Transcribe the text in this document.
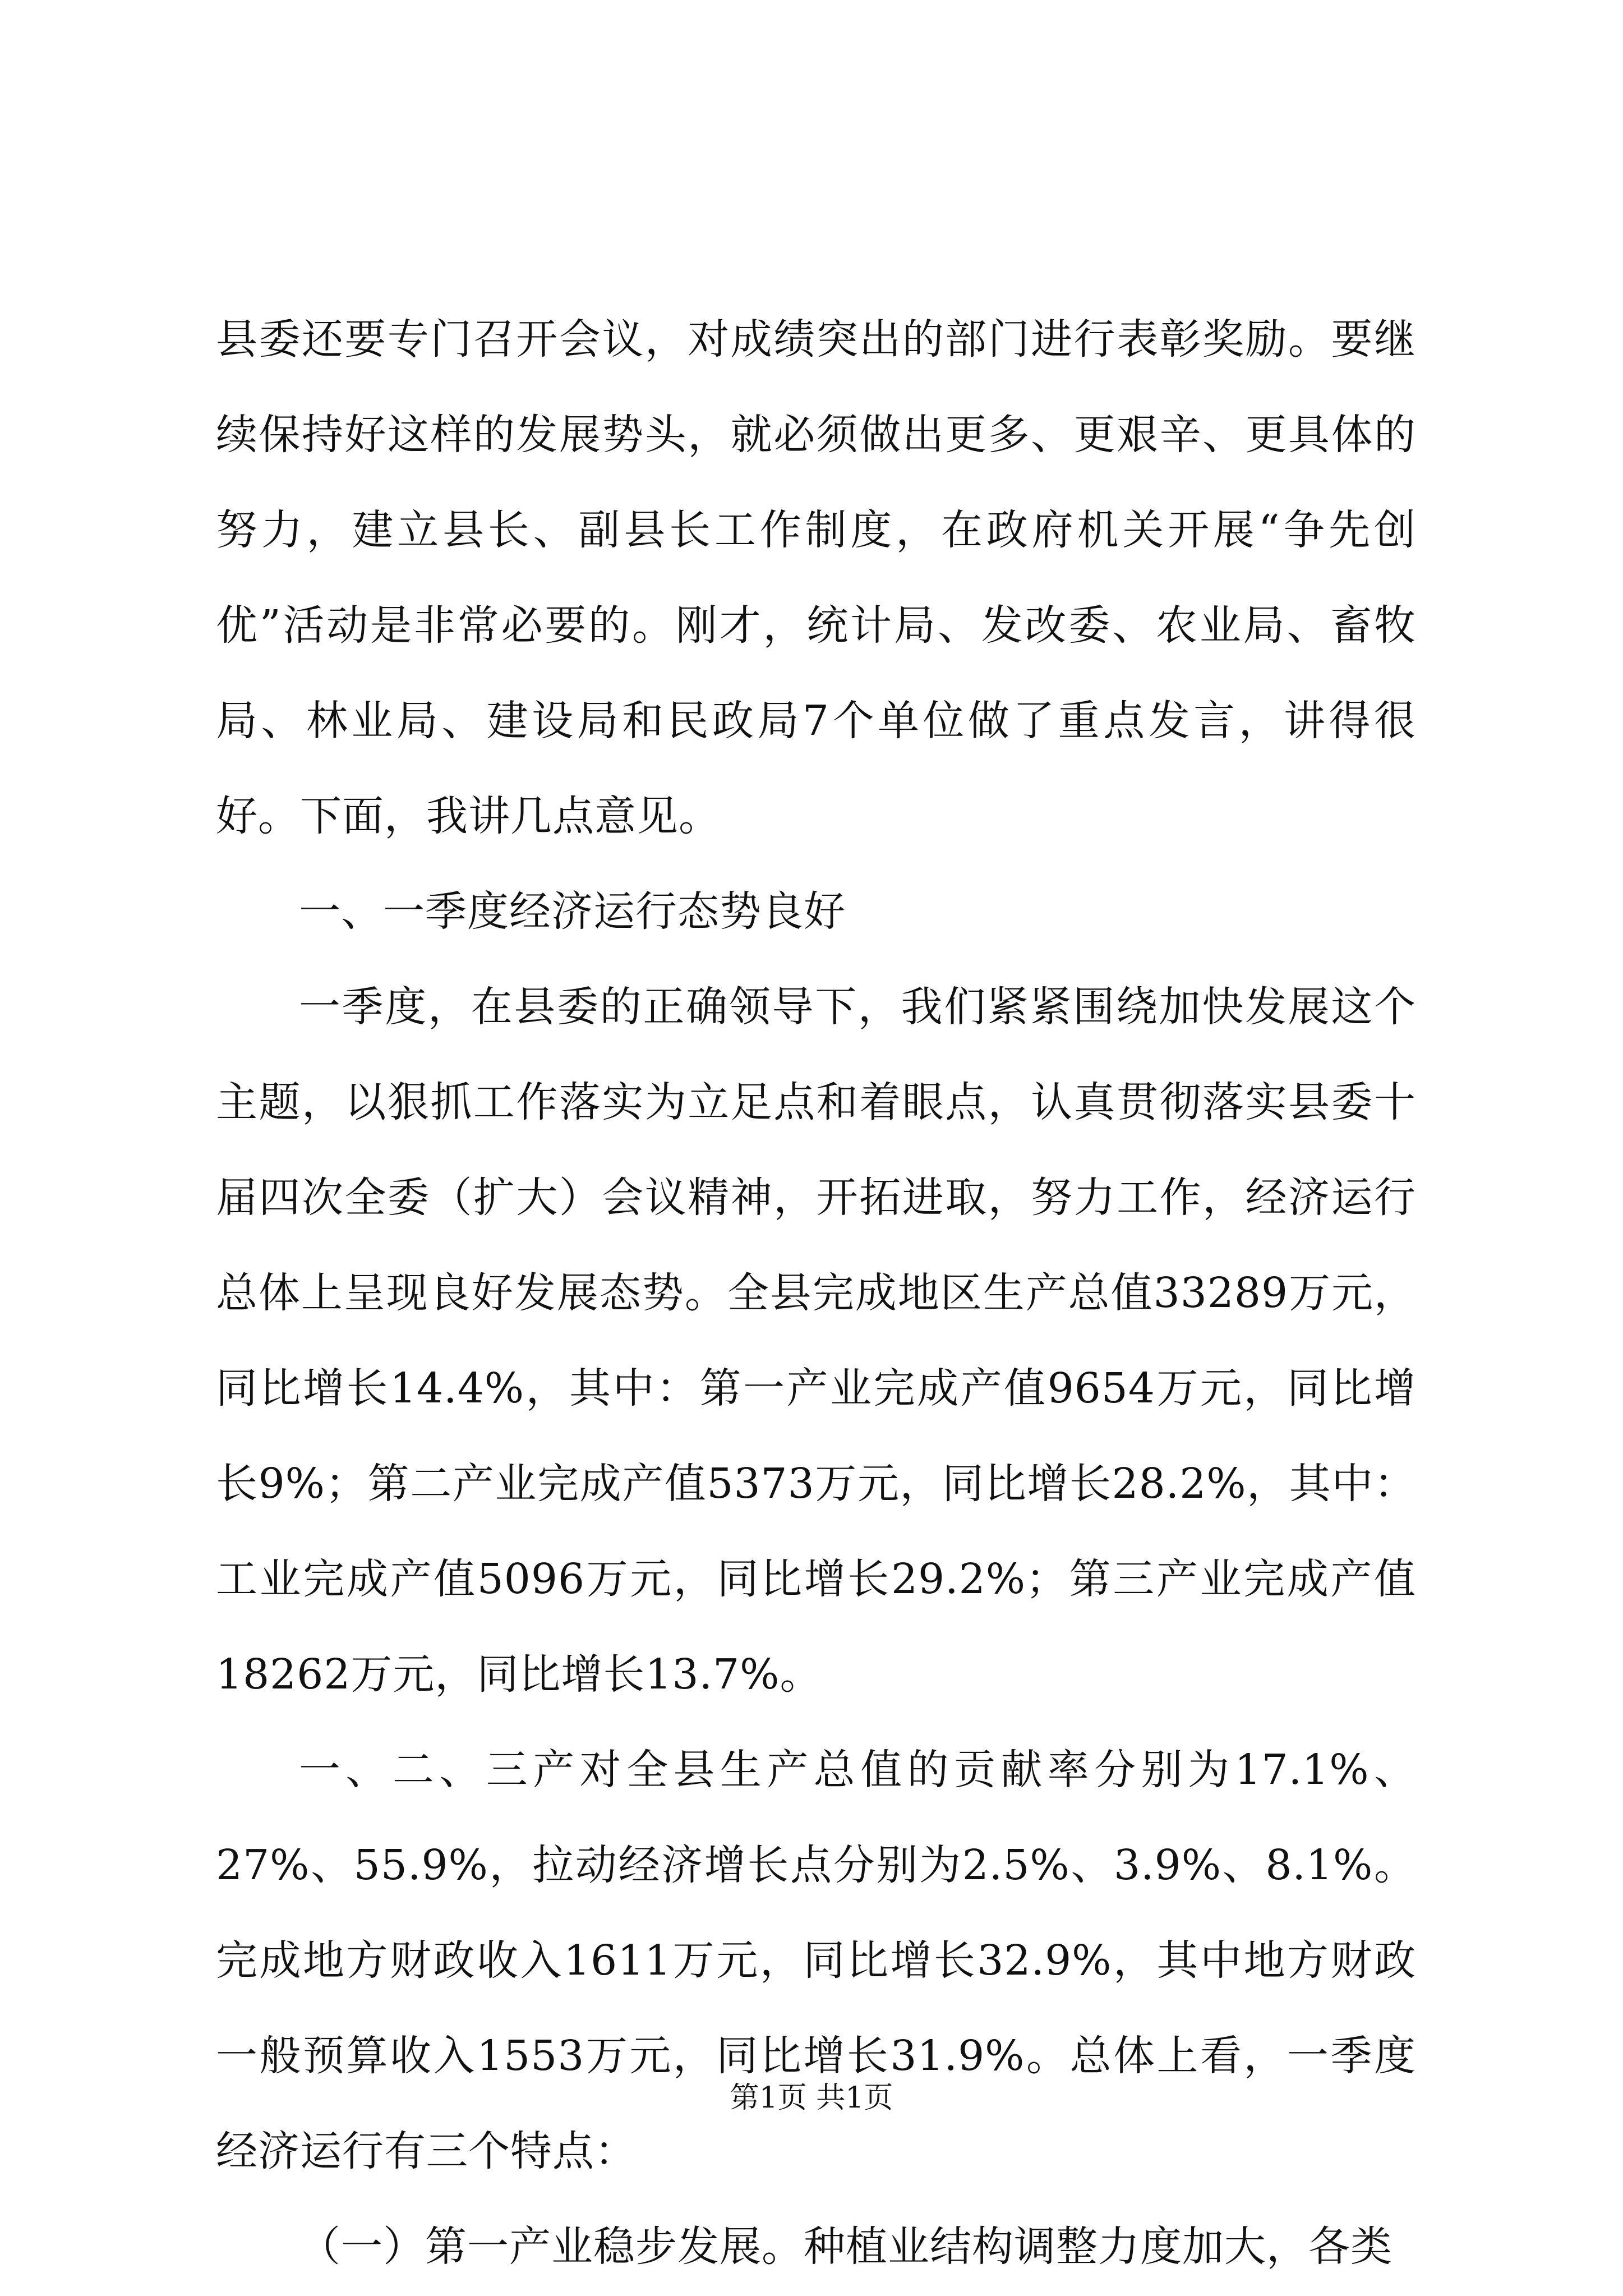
县委还要专门召开会议，对成绩突出的部门进行表彰奖励。要继续保持好这样的发展势头，就必须做出更多、更艰辛、更具体的努力，建立县长、副县长工作制度，在政府机关开展“争先创优”活动是非常必要的。刚才，统计局、发改委、农业局、畜牧局、林业局、建设局和民政局7个单位做了重点发言，讲得很好。下面，我讲几点意见。

一、一季度经济运行态势良好

一季度，在县委的正确领导下，我们紧紧围绕加快发展这个主题，以狠抓工作落实为立足点和着眼点，认真贯彻落实县委十届四次全委（扩大）会议精神，开拓进取，努力工作，经济运行总体上呈现良好发展态势。全县完成地区生产总值33289万元，同比增长14.4%，其中：第一产业完成产值9654万元，同比增长9%；第二产业完成产值5373万元，同比增长28.2%，其中：工业完成产值5096万元，同比增长29.2%；第三产业完成产值18262万元，同比增长13.7%。

一、二、三产对全县生产总值的贡献率分别为17.1%、27%、55.9%，拉动经济增长点分别为2.5%、3.9%、8.1%。完成地方财政收入1611万元，同比增长32.9%，其中地方财政一般预算收入1553万元，同比增长31.9%。总体上看，一季度经济运行有三个特点：

（一）第一产业稳步发展。种植业结构调整力度加大，各类

第1页 共1页
